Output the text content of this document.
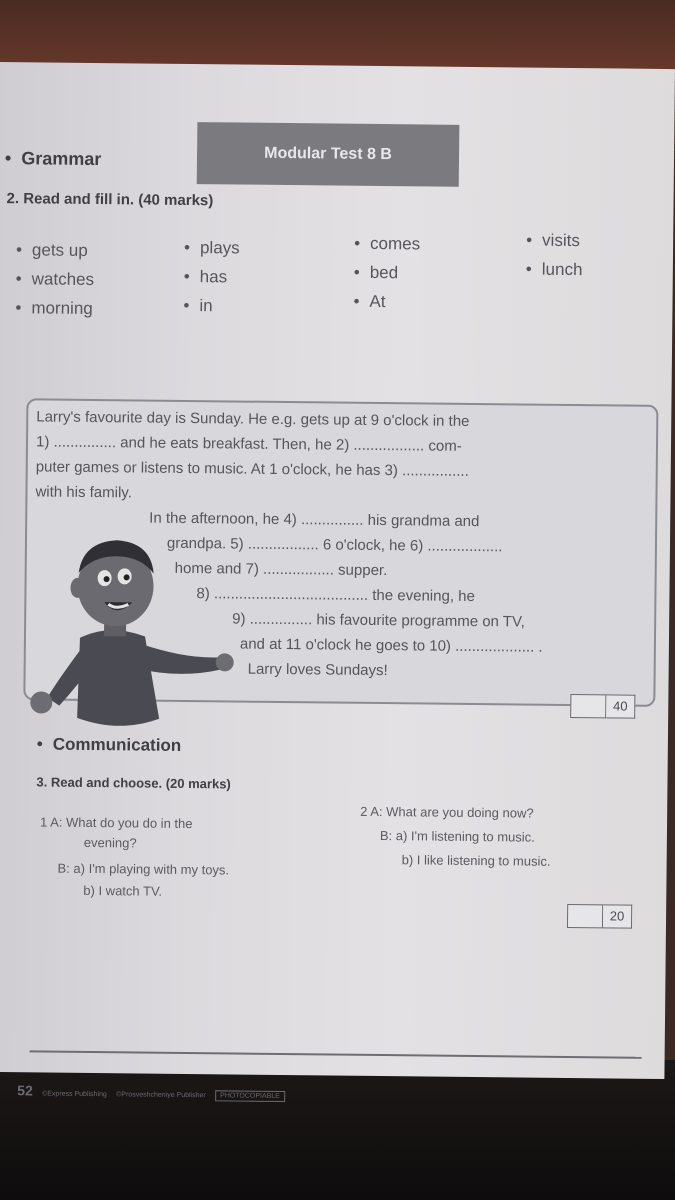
Modular Test 8 B
• Grammar
2. Read and fill in. (40 marks)
• gets up
• watches
• morning
• plays
• has
• in
• comes
• bed
• At
• visits
• lunch
Larry's favourite day is Sunday. He e.g. gets up at 9 o'clock in the
1) ............... and he eats breakfast. Then, he 2) ................. com-
puter games or listens to music. At 1 o'clock, he has 3) ................
with his family.
In the afternoon, he 4) ............... his grandma and
grandpa. 5) ................. 6 o'clock, he 6) ..................
home and 7) ................. supper.
8) ..................................... the evening, he
9) ............... his favourite programme on TV,
and at 11 o'clock he goes to 10) ................... .
Larry loves Sundays!
40
• Communication
3. Read and choose. (20 marks)
1 A: What do you do in the
evening?
B: a) I'm playing with my toys.
b) I watch TV.
2 A: What are you doing now?
B: a) I'm listening to music.
b) I like listening to music.
20
52 ©Express Publishing ©Prosveshcheniye Publisher PHOTOCOPIABLE
